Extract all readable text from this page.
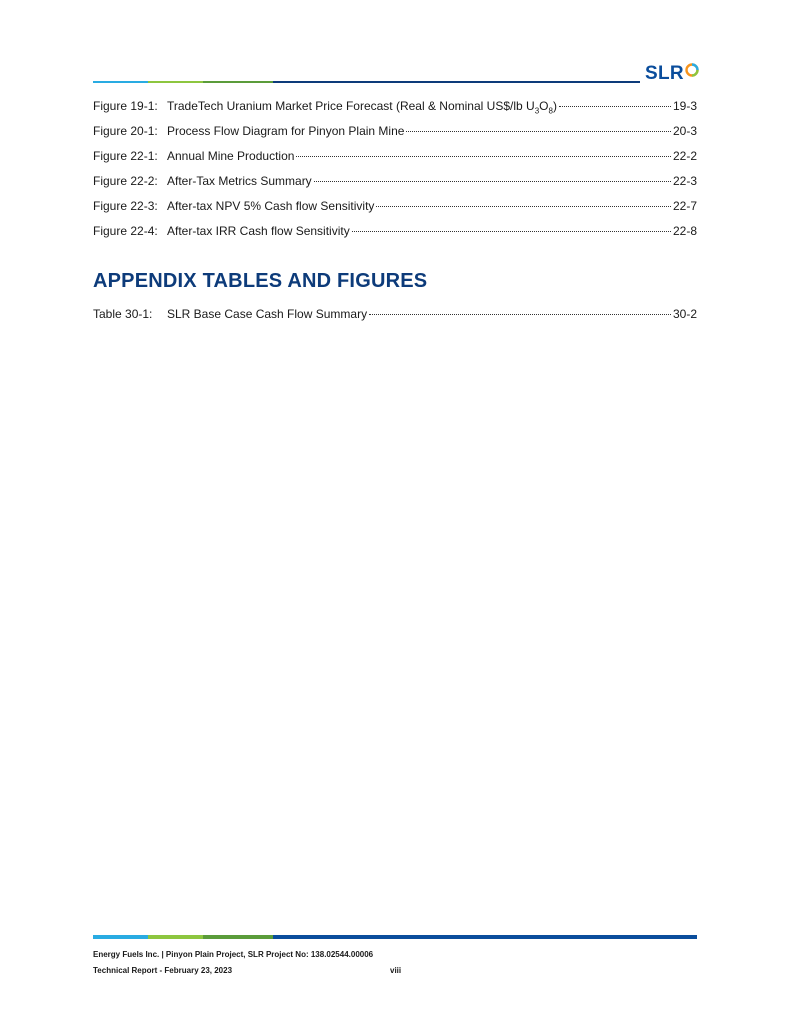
SLR
Figure 19-1: TradeTech Uranium Market Price Forecast (Real & Nominal US$/lb $U_3O_8$)	19-3
Figure 20-1: Process Flow Diagram for Pinyon Plain Mine	20-3
Figure 22-1: Annual Mine Production	22-2
Figure 22-2: After-Tax Metrics Summary	22-3
Figure 22-3: After-tax NPV 5% Cash flow Sensitivity	22-7
Figure 22-4: After-tax IRR Cash flow Sensitivity	22-8
APPENDIX TABLES AND FIGURES
Table 30-1:	SLR Base Case Cash Flow Summary	30-2
Energy Fuels Inc. | Pinyon Plain Project, SLR Project No: 138.02544.00006
Technical Report - February 23, 2023	viii
